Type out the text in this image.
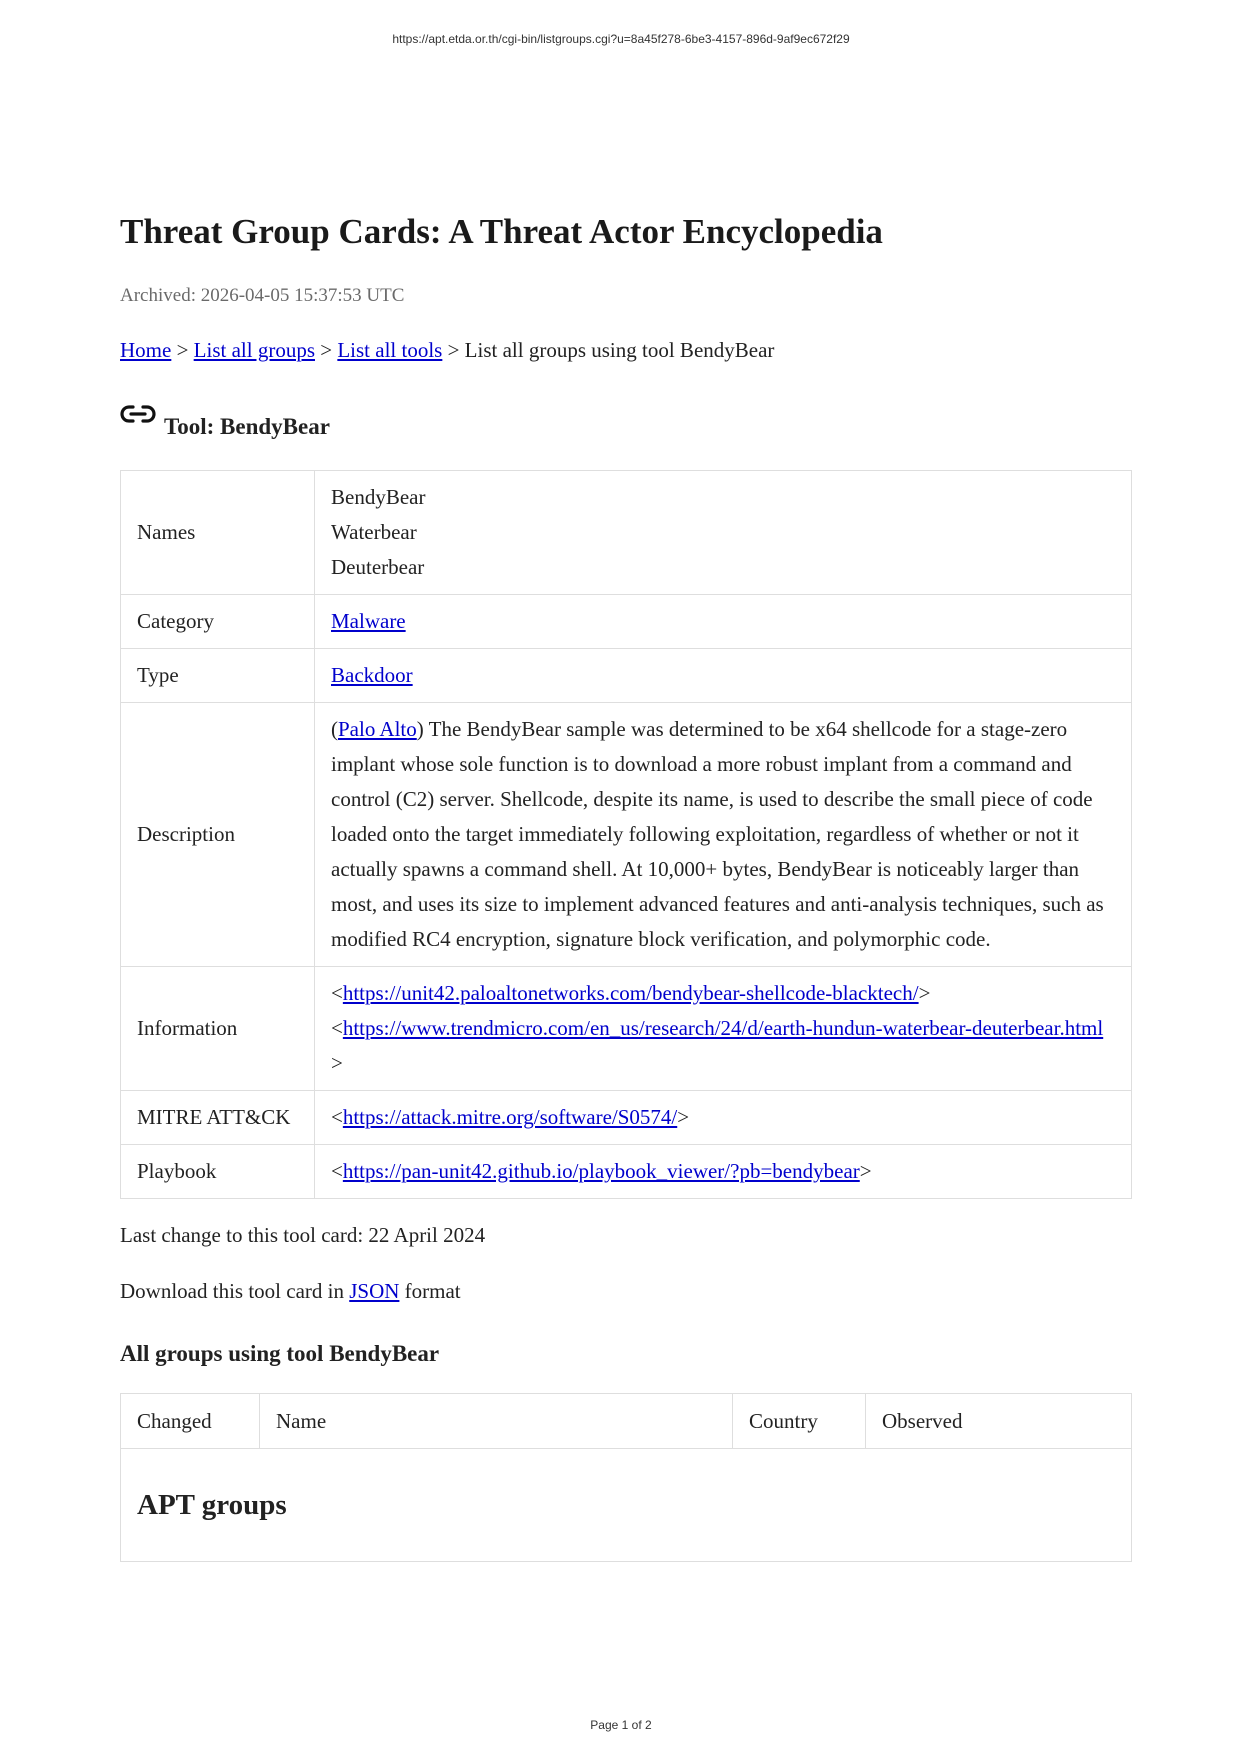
https://apt.etda.or.th/cgi-bin/listgroups.cgi?u=8a45f278-6be3-4157-896d-9af9ec672f29
Threat Group Cards: A Threat Actor Encyclopedia
Archived: 2026-04-05 15:37:53 UTC
Home > List all groups > List all tools > List all groups using tool BendyBear
Tool: BendyBear
Names	BendyBear
Waterbear
Deuterbear

Category	Malware
Type	Backdoor
Description	(Palo Alto) The BendyBear sample was determined to be x64 shellcode for a stage-zero implant whose sole function is to download a more robust implant from a command and control (C2) server. Shellcode, despite its name, is used to describe the small piece of code loaded onto the target immediately following exploitation, regardless of whether or not it actually spawns a command shell. At 10,000+ bytes, BendyBear is noticeably larger than most, and uses its size to implement advanced features and anti-analysis techniques, such as modified RC4 encryption, signature block verification, and polymorphic code.
Information	<https://unit42.paloaltonetworks.com/bendybear-shellcode-blacktech/>
<https://www.trendmicro.com/en_us/research/24/d/earth-hundun-waterbear-deuterbear.html>

MITRE ATT&CK	<https://attack.mitre.org/software/S0574/>
Playbook	<https://pan-unit42.github.io/playbook_viewer/?pb=bendybear>
Last change to this tool card: 22 April 2024
Download this tool card in JSON format
All groups using tool BendyBear
Changed	Name	Country	Observed
APT groups
Page 1 of 2
